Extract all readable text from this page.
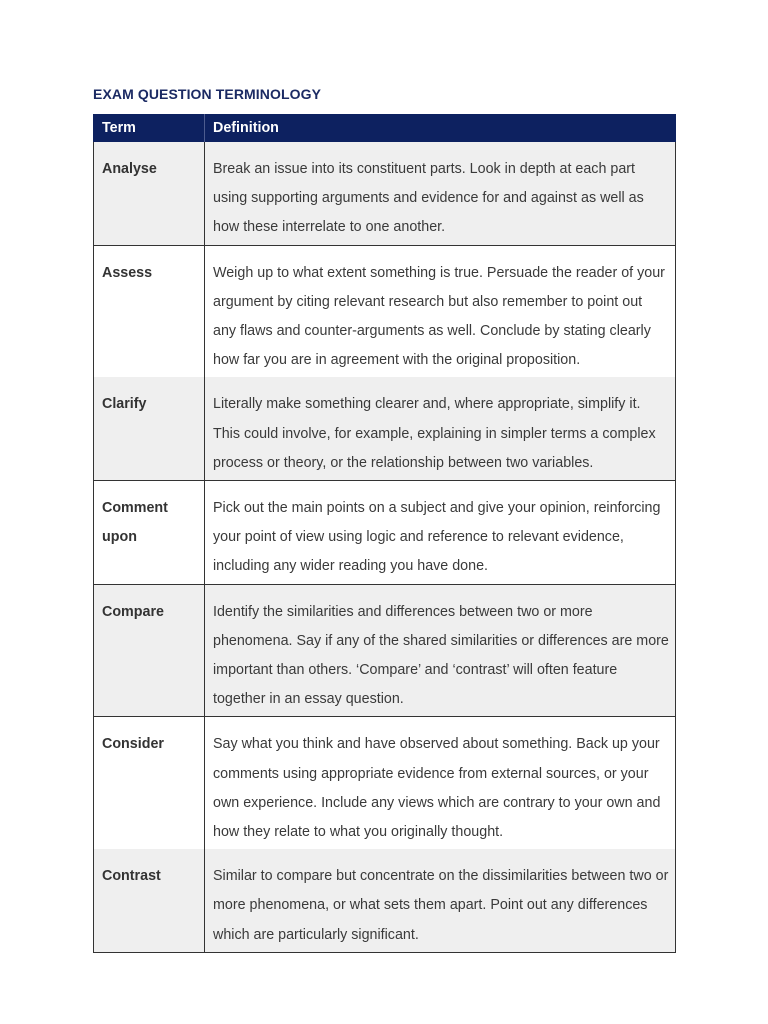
EXAM QUESTION TERMINOLOGY
Term	Definition
Analyse	Break an issue into its constituent parts. Look in depth at each part using supporting arguments and evidence for and against as well as how these interrelate to one another.
Assess	Weigh up to what extent something is true. Persuade the reader of your argument by citing relevant research but also remember to point out any flaws and counter-arguments as well. Conclude by stating clearly how far you are in agreement with the original proposition.
Clarify	Literally make something clearer and, where appropriate, simplify it. This could involve, for example, explaining in simpler terms a complex process or theory, or the relationship between two variables.
Comment upon	Pick out the main points on a subject and give your opinion, reinforcing your point of view using logic and reference to relevant evidence, including any wider reading you have done.
Compare	Identify the similarities and differences between two or more phenomena. Say if any of the shared similarities or differences are more important than others. ‘Compare’ and ‘contrast’ will often feature together in an essay question.
Consider	Say what you think and have observed about something. Back up your comments using appropriate evidence from external sources, or your own experience. Include any views which are contrary to your own and how they relate to what you originally thought.
Contrast	Similar to compare but concentrate on the dissimilarities between two or more phenomena, or what sets them apart. Point out any differences which are particularly significant.
